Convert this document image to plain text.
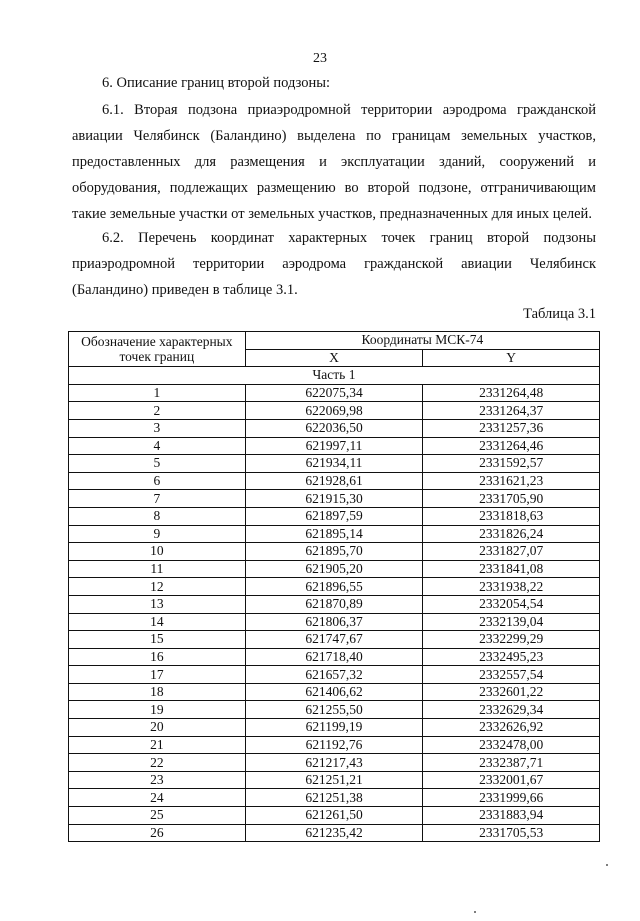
23
6. Описание границ второй подзоны:
6.1. Вторая подзона приаэродромной территории аэродрома гражданской авиации Челябинск (Баландино) выделена по границам земельных участков, предоставленных для размещения и эксплуатации зданий, сооружений и оборудования, подлежащих размещению во второй подзоне, отграничивающим такие земельные участки от земельных участков, предназначенных для иных целей.
6.2. Перечень координат характерных точек границ второй подзоны приаэродромной территории аэродрома гражданской авиации Челябинск (Баландино) приведен в таблице 3.1.
Таблица 3.1
Обозначение характерных точек границ	Координаты МСК-74	
	X	Y
Часть 1		
1	622075,34	2331264,48
2	622069,98	2331264,37
3	622036,50	2331257,36
4	621997,11	2331264,46
5	621934,11	2331592,57
6	621928,61	2331621,23
7	621915,30	2331705,90
8	621897,59	2331818,63
9	621895,14	2331826,24
10	621895,70	2331827,07
11	621905,20	2331841,08
12	621896,55	2331938,22
13	621870,89	2332054,54
14	621806,37	2332139,04
15	621747,67	2332299,29
16	621718,40	2332495,23
17	621657,32	2332557,54
18	621406,62	2332601,22
19	621255,50	2332629,34
20	621199,19	2332626,92
21	621192,76	2332478,00
22	621217,43	2332387,71
23	621251,21	2332001,67
24	621251,38	2331999,66
25	621261,50	2331883,94
26	621235,42	2331705,53
